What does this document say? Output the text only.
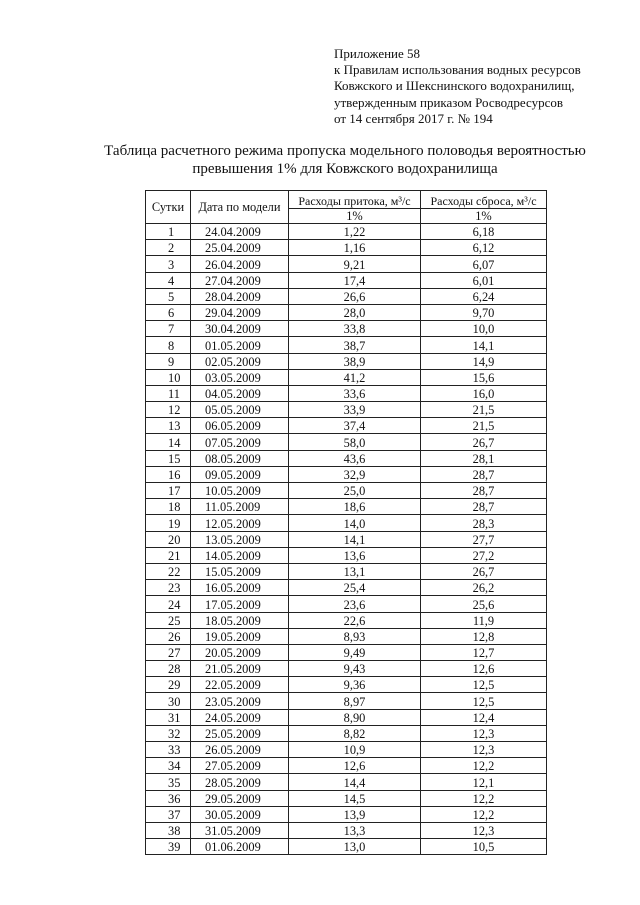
Приложение 58
к Правилам использования водных ресурсов
Ковжского и Шекснинского водохранилищ,
утвержденным приказом Росводресурсов
от 14 сентября 2017 г. № 194
Таблица расчетного режима пропуска модельного половодья вероятностью
превышения 1% для Ковжского водохранилища
Сутки	Дата по модели	Расходы притока, м³/с	Расходы сброса, м³/с
		1%	1%
1	24.04.2009	1,22	6,18
2	25.04.2009	1,16	6,12
3	26.04.2009	9,21	6,07
4	27.04.2009	17,4	6,01
5	28.04.2009	26,6	6,24
6	29.04.2009	28,0	9,70
7	30.04.2009	33,8	10,0
8	01.05.2009	38,7	14,1
9	02.05.2009	38,9	14,9
10	03.05.2009	41,2	15,6
11	04.05.2009	33,6	16,0
12	05.05.2009	33,9	21,5
13	06.05.2009	37,4	21,5
14	07.05.2009	58,0	26,7
15	08.05.2009	43,6	28,1
16	09.05.2009	32,9	28,7
17	10.05.2009	25,0	28,7
18	11.05.2009	18,6	28,7
19	12.05.2009	14,0	28,3
20	13.05.2009	14,1	27,7
21	14.05.2009	13,6	27,2
22	15.05.2009	13,1	26,7
23	16.05.2009	25,4	26,2
24	17.05.2009	23,6	25,6
25	18.05.2009	22,6	11,9
26	19.05.2009	8,93	12,8
27	20.05.2009	9,49	12,7
28	21.05.2009	9,43	12,6
29	22.05.2009	9,36	12,5
30	23.05.2009	8,97	12,5
31	24.05.2009	8,90	12,4
32	25.05.2009	8,82	12,3
33	26.05.2009	10,9	12,3
34	27.05.2009	12,6	12,2
35	28.05.2009	14,4	12,1
36	29.05.2009	14,5	12,2
37	30.05.2009	13,9	12,2
38	31.05.2009	13,3	12,3
39	01.06.2009	13,0	10,5
